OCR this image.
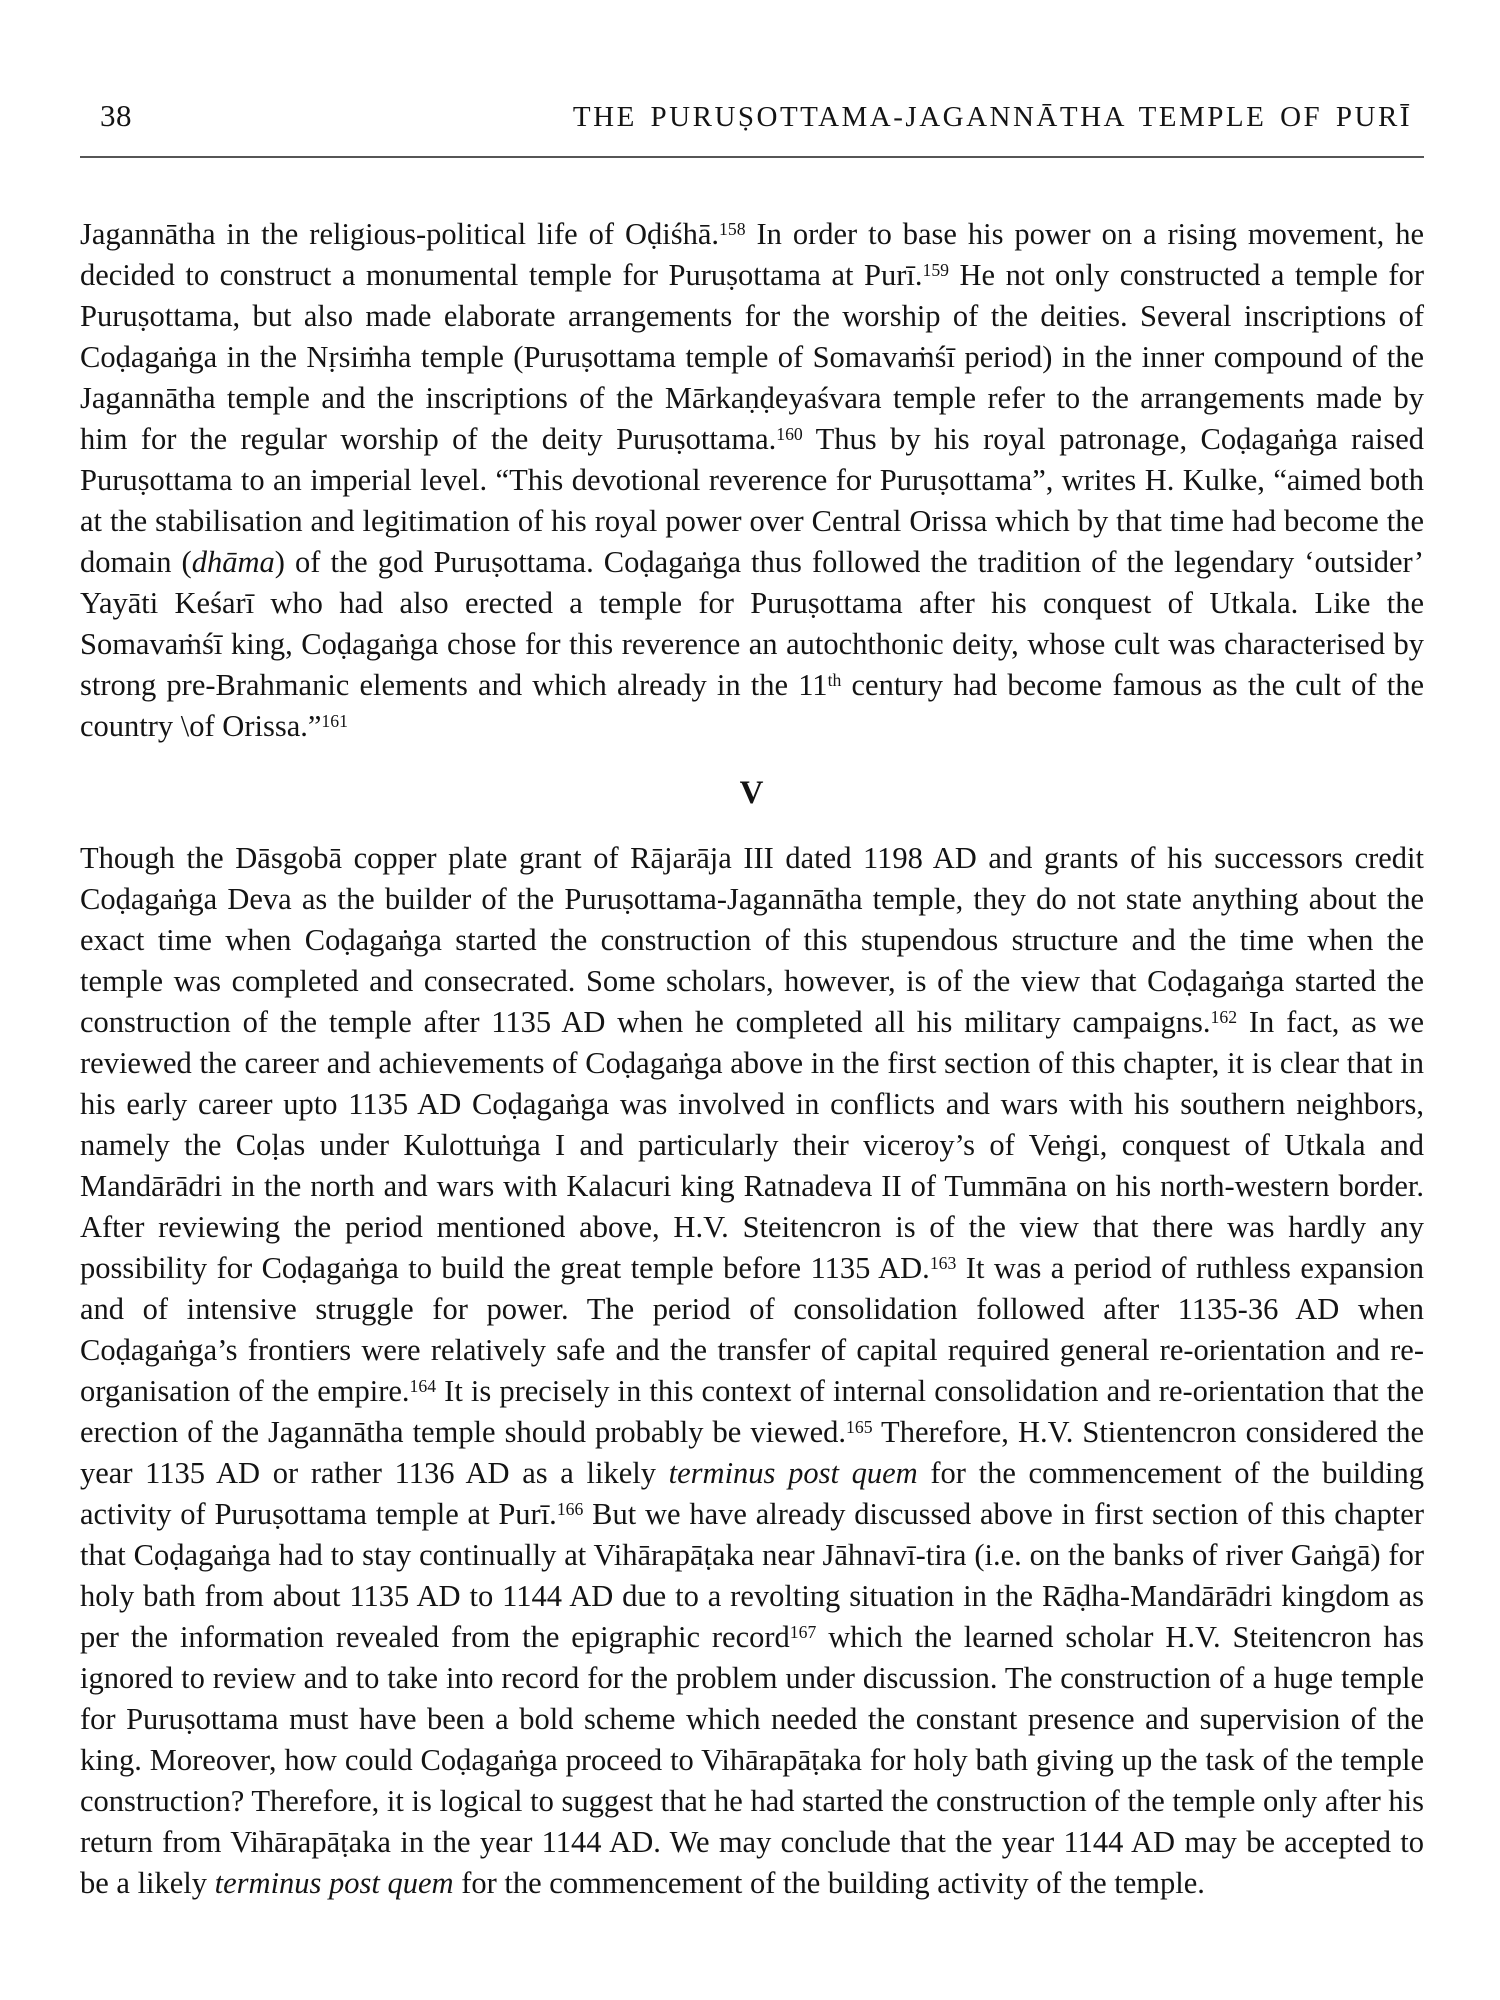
38	THE PURUṢOTTAMA-JAGANNĀTHA TEMPLE OF PURĪ

Jagannātha in the religious-political life of Oḍiśhā.$^{158}$ In order to base his power on a rising movement, he decided to construct a monumental temple for Puruṣottama at Purī.$^{159}$ He not only constructed a temple for Puruṣottama, but also made elaborate arrangements for the worship of the deities. Several inscriptions of Coḍagaṅga in the Nṛsiṁha temple (Puruṣottama temple of Somavaṁśī period) in the inner compound of the Jagannātha temple and the inscriptions of the Mārkaṇḍeyaśvara temple refer to the arrangements made by him for the regular worship of the deity Puruṣottama.$^{160}$ Thus by his royal patronage, Coḍagaṅga raised Puruṣottama to an imperial level. “This devotional reverence for Puruṣottama”, writes H. Kulke, “aimed both at the stabilisation and legitimation of his royal power over Central Orissa which by that time had become the domain (dhāma) of the god Puruṣottama. Coḍagaṅga thus followed the tradition of the legendary ‘outsider’ Yayāti Keśarī who had also erected a temple for Puruṣottama after his conquest of Utkala. Like the Somavaṁśī king, Coḍagaṅga chose for this reverence an autochthonic deity, whose cult was characterised by strong pre-Brahmanic elements and which already in the 11th century had become famous as the cult of the country \of Orissa.”$^{161}$

V

Though the Dāsgobā copper plate grant of Rājarāja III dated 1198 AD and grants of his successors credit Coḍagaṅga Deva as the builder of the Puruṣottama-Jagannātha temple, they do not state anything about the exact time when Coḍagaṅga started the construction of this stupendous structure and the time when the temple was completed and consecrated. Some scholars, however, is of the view that Coḍagaṅga started the construction of the temple after 1135 AD when he completed all his military campaigns.$^{162}$ In fact, as we reviewed the career and achievements of Coḍagaṅga above in the first section of this chapter, it is clear that in his early career upto 1135 AD Coḍagaṅga was involved in conflicts and wars with his southern neighbors, namely the Coḷas under Kulottuṅga I and particularly their viceroy’s of Veṅgi, conquest of Utkala and Mandārādri in the north and wars with Kalacuri king Ratnadeva II of Tummāna on his north-western border. After reviewing the period mentioned above, H.V. Steitencron is of the view that there was hardly any possibility for Coḍagaṅga to build the great temple before 1135 AD.$^{163}$ It was a period of ruthless expansion and of intensive struggle for power. The period of consolidation followed after 1135-36 AD when Coḍagaṅga’s frontiers were relatively safe and the transfer of capital required general re-orientation and re-organisation of the empire.$^{164}$ It is precisely in this context of internal consolidation and re-orientation that the erection of the Jagannātha temple should probably be viewed.$^{165}$ Therefore, H.V. Stientencron considered the year 1135 AD or rather 1136 AD as a likely terminus post quem for the commencement of the building activity of Puruṣottama temple at Purī.$^{166}$ But we have already discussed above in first section of this chapter that Coḍagaṅga had to stay continually at Vihārapāṭaka near Jāhnavī-tira (i.e. on the banks of river Gaṅgā) for holy bath from about 1135 AD to 1144 AD due to a revolting situation in the Rāḍha-Mandārādri kingdom as per the information revealed from the epigraphic record$^{167}$ which the learned scholar H.V. Steitencron has ignored to review and to take into record for the problem under discussion. The construction of a huge temple for Puruṣottama must have been a bold scheme which needed the constant presence and supervision of the king. Moreover, how could Coḍagaṅga proceed to Vihārapāṭaka for holy bath giving up the task of the temple construction? Therefore, it is logical to suggest that he had started the construction of the temple only after his return from Vihārapāṭaka in the year 1144 AD. We may conclude that the year 1144 AD may be accepted to be a likely terminus post quem for the commencement of the building activity of the temple.
